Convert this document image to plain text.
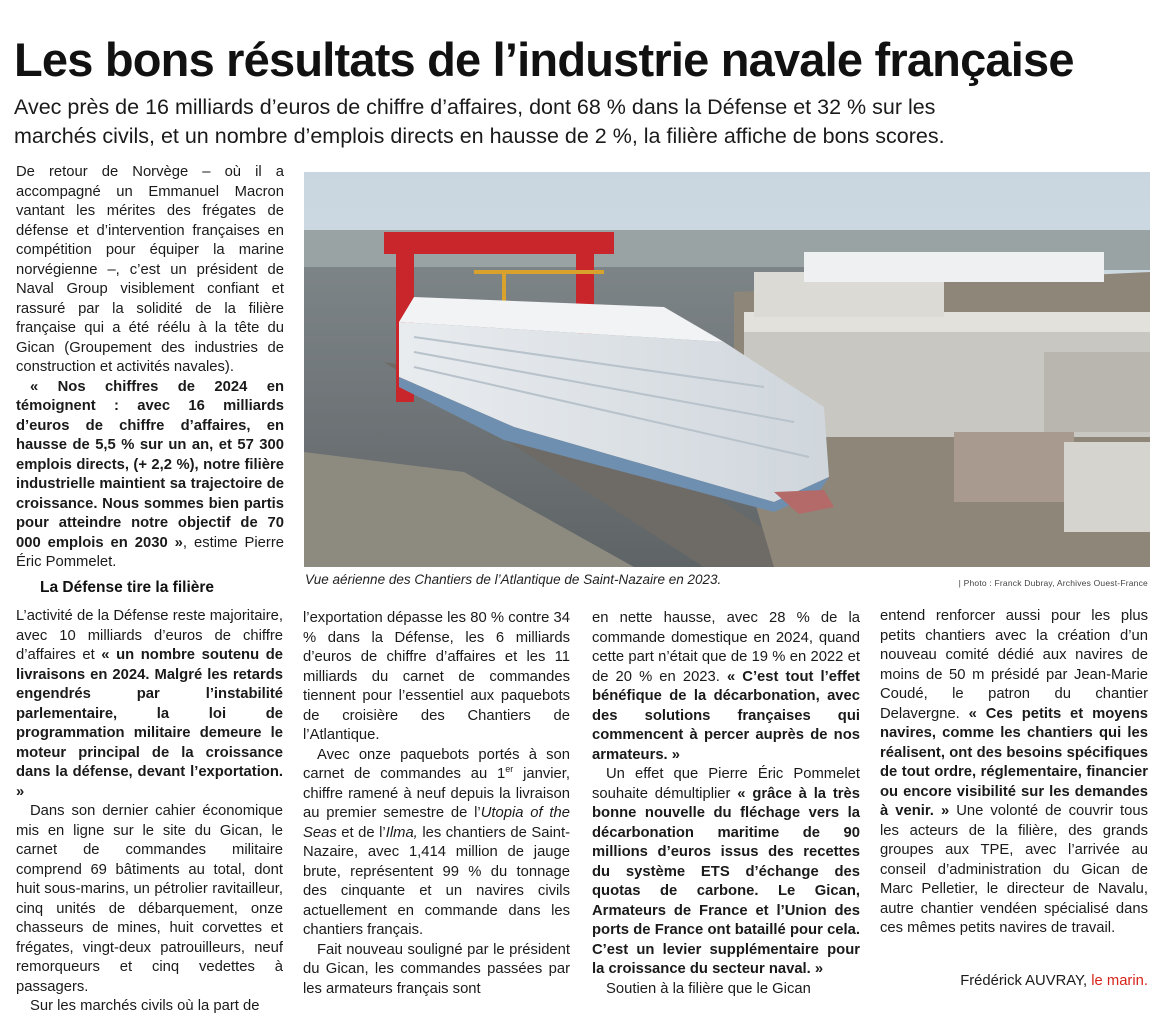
Les bons résultats de l’industrie navale française

Avec près de 16 milliards d’euros de chiffre d’affaires, dont 68 % dans la Défense et 32 % sur les marchés civils, et un nombre d’emplois directs en hausse de 2 %, la filière affiche de bons scores.

De retour de Norvège – où il a accompagné un Emmanuel Macron vantant les mérites des frégates de défense et d’intervention françaises en compétition pour équiper la marine norvégienne –, c’est un président de Naval Group visiblement confiant et rassuré par la solidité de la filière française qui a été réélu à la tête du Gican (Groupement des industries de construction et activités navales).

« Nos chiffres de 2024 en témoignent : avec 16 milliards d’euros de chiffre d’affaires, en hausse de 5,5 % sur un an, et 57 300 emplois directs, (+ 2,2 %), notre filière industrielle maintient sa trajectoire de croissance. Nous sommes bien partis pour atteindre notre objectif de 70 000 emplois en 2030 », estime Pierre Éric Pommelet.

La Défense tire la filière

L’activité de la Défense reste majoritaire, avec 10 milliards d’euros de chiffre d’affaires et « un nombre soutenu de livraisons en 2024. Malgré les retards engendrés par l’instabilité parlementaire, la loi de programmation militaire demeure le moteur principal de la croissance dans la défense, devant l’exportation. »

Dans son dernier cahier économique mis en ligne sur le site du Gican, le carnet de commandes militaire comprend 69 bâtiments au total, dont huit sous-marins, un pétrolier ravitailleur, cinq unités de débarquement, onze chasseurs de mines, huit corvettes et frégates, vingt-deux patrouilleurs, neuf remorqueurs et cinq vedettes à passagers.

Sur les marchés civils où la part de

l’exportation dépasse les 80 % contre 34 % dans la Défense, les 6 milliards d’euros de chiffre d’affaires et les 11 milliards du carnet de commandes tiennent pour l’essentiel aux paquebots de croisière des Chantiers de l’Atlantique.

Avec onze paquebots portés à son carnet de commandes au 1er janvier, chiffre ramené à neuf depuis la livraison au premier semestre de l’Utopia of the Seas et de l’Ilma, les chantiers de Saint-Nazaire, avec 1,414 million de jauge brute, représentent 99 % du tonnage des cinquante et un navires civils actuellement en commande dans les chantiers français.

Fait nouveau souligné par le président du Gican, les commandes passées par les armateurs français sont

en nette hausse, avec 28 % de la commande domestique en 2024, quand cette part n’était que de 19 % en 2022 et de 20 % en 2023. « C’est tout l’effet bénéfique de la décarbonation, avec des solutions françaises qui commencent à percer auprès de nos armateurs. »

Un effet que Pierre Éric Pommelet souhaite démultiplier « grâce à la très bonne nouvelle du fléchage vers la décarbonation maritime de 90 millions d’euros issus des recettes du système ETS d’échange des quotas de carbone. Le Gican, Armateurs de France et l’Union des ports de France ont bataillé pour cela. C’est un levier supplémentaire pour la croissance du secteur naval. »

Soutien à la filière que le Gican

entend renforcer aussi pour les plus petits chantiers avec la création d’un nouveau comité dédié aux navires de moins de 50 m présidé par Jean-Marie Coudé, le patron du chantier Delavergne. « Ces petits et moyens navires, comme les chantiers qui les réalisent, ont des besoins spécifiques de tout ordre, réglementaire, financier ou encore visibilité sur les demandes à venir. » Une volonté de couvrir tous les acteurs de la filière, des grands groupes aux TPE, avec l’arrivée au conseil d’administration du Gican de Marc Pelletier, le directeur de Navalu, autre chantier vendéen spécialisé dans ces mêmes petits navires de travail.

Frédérick AUVRAY, le marin.

Vue aérienne des Chantiers de l’Atlantique de Saint-Nazaire en 2023.	| Photo : Franck Dubray, Archives Ouest-France
